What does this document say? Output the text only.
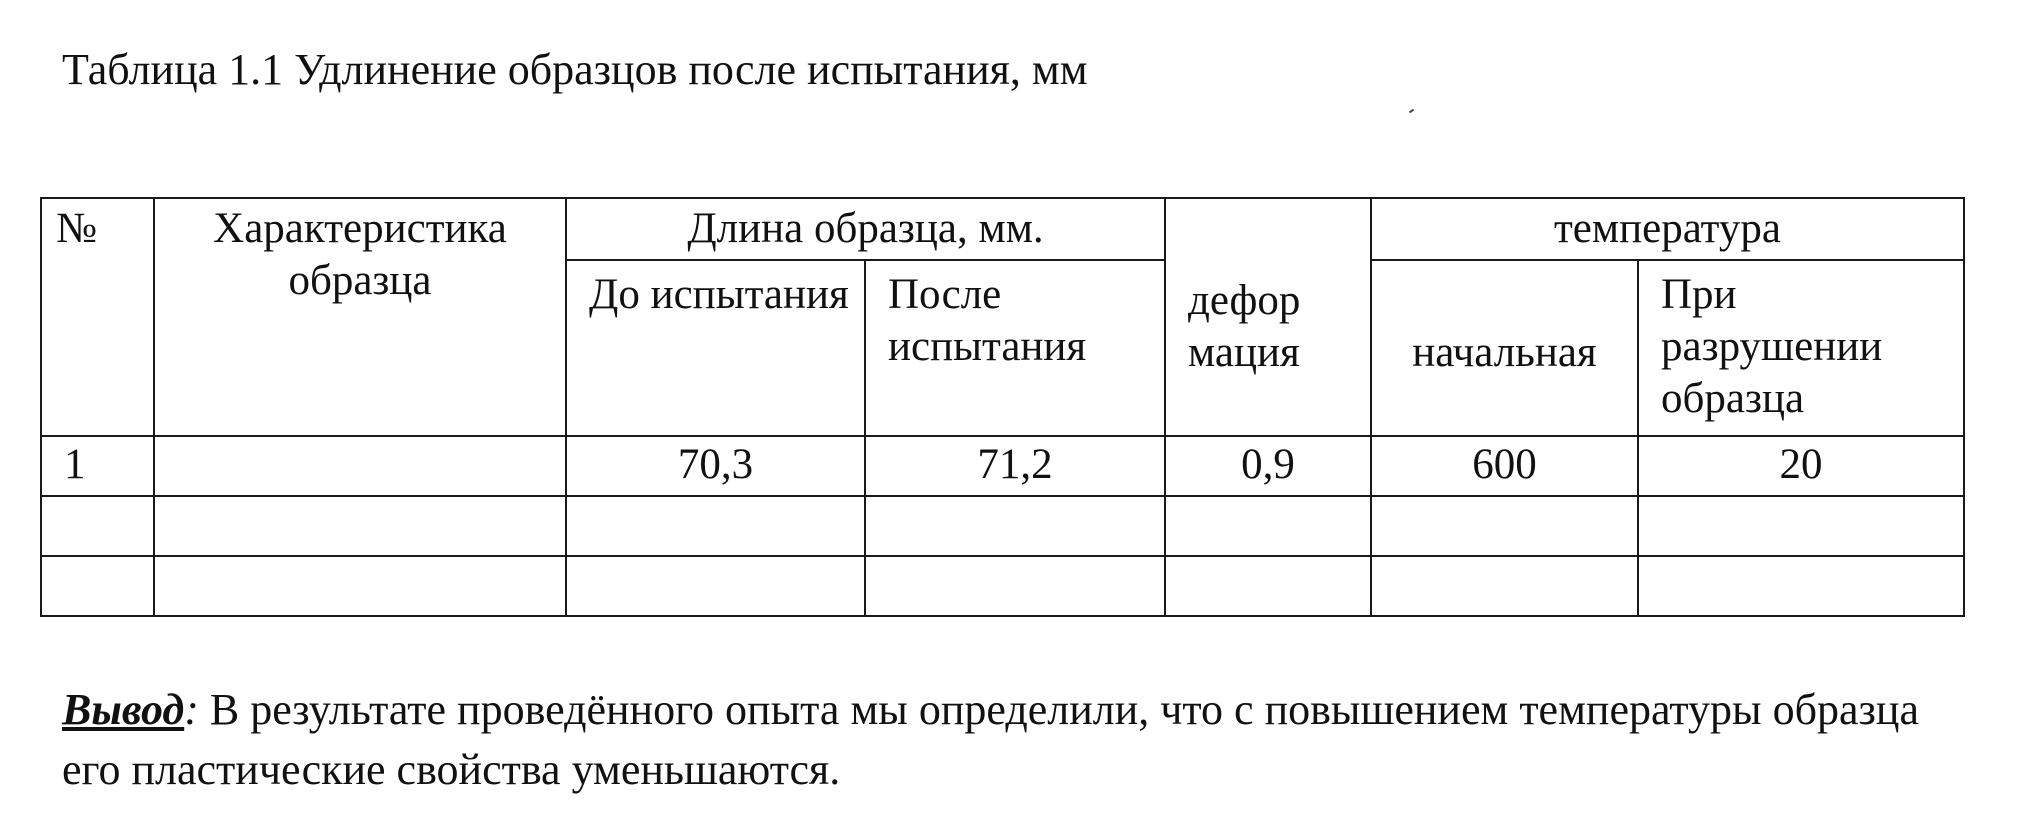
Таблица 1.1 Удлинение образцов после испытания, мм
№	Характеристика образца	Длина образца, мм.		дефор мация	температура	
		До испытания	После испытания		начальная	При разрушении образца
1		70,3	71,2	0,9	600	20

Вывод: В результате проведённого опыта мы определили, что с повышением температуры образца его пластические свойства уменьшаются.
